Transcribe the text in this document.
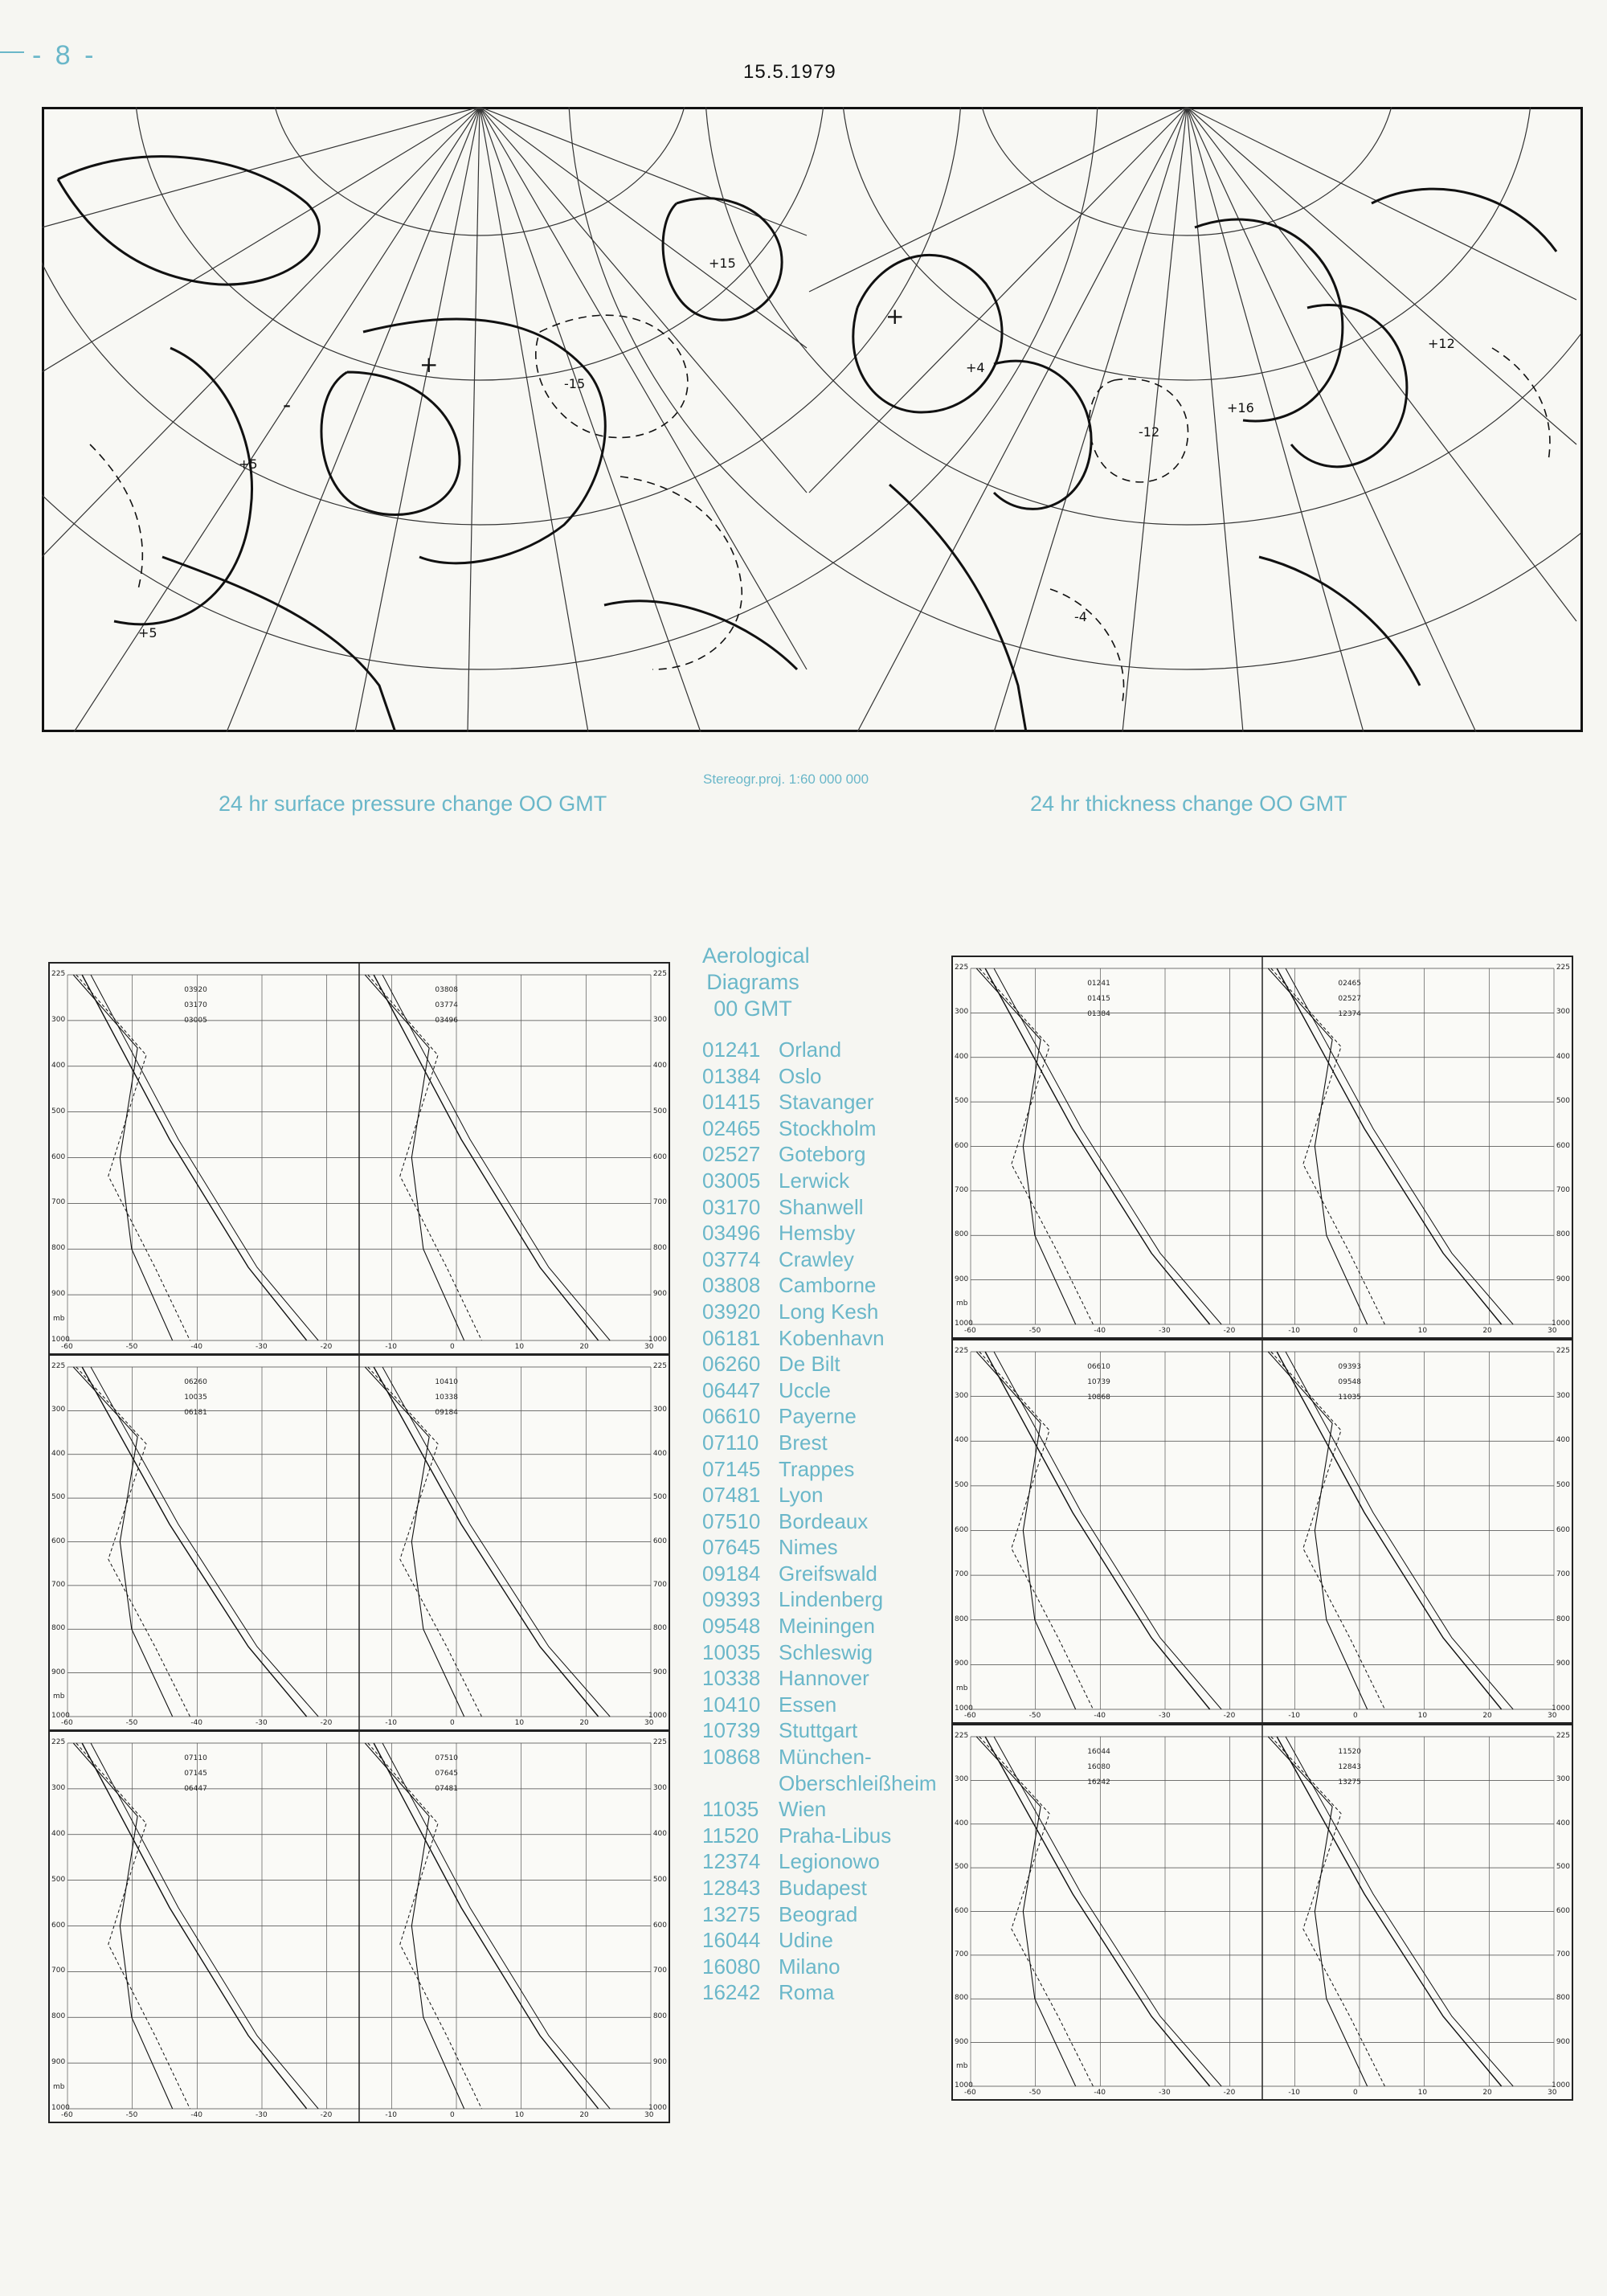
- 8 -
15.5.1979
+
+5
+15
-15
-
+5
+
+4
-12
+16
+12
-4
24 hr surface pressure change OO GMT
Stereogr.proj. 1:60 000 000
24 hr thickness change OO GMT
Aerological
Diagrams
00 GMT
01241 Orland
01384 Oslo
01415 Stavanger
02465 Stockholm
02527 Goteborg
03005 Lerwick
03170 Shanwell
03496 Hemsby
03774 Crawley
03808 Camborne
03920 Long Kesh
06181 Kobenhavn
06260 De Bilt
06447 Uccle
06610 Payerne
07110 Brest
07145 Trappes
07481 Lyon
07510 Bordeaux
07645 Nimes
09184 Greifswald
09393 Lindenberg
09548 Meiningen
10035 Schleswig
10338 Hannover
10410 Essen
10739 Stuttgart
10868 München-
Oberschleißheim
11035 Wien
11520 Praha-Libus
12374 Legionowo
12843 Budapest
13275 Beograd
16044 Udine
16080 Milano
16242 Roma
225	225
300	300
400	400
500	500
600	600
700	700
800	800
900	900
1000	1000
-60	-50	-40	-30	-20	-10	0	10	20	30
mb
03920
03170
03005
03808
03774
03496
225	225
300	300
400	400
500	500
600	600
700	700
800	800
900	900
1000	1000
-60	-50	-40	-30	-20	-10	0	10	20	30
mb
06260
10035
06181
10410
10338
09184
225	225
300	300
400	400
500	500
600	600
700	700
800	800
900	900
1000	1000
-60	-50	-40	-30	-20	-10	0	10	20	30
mb
07110
07145
06447
07510
07645
07481
225	225
300	300
400	400
500	500
600	600
700	700
800	800
900	900
1000	1000
-60	-50	-40	-30	-20	-10	0	10	20	30
mb
01241
01415
01384
02465
02527
12374
225	225
300	300
400	400
500	500
600	600
700	700
800	800
900	900
1000	1000
-60	-50	-40	-30	-20	-10	0	10	20	30
mb
06610
10739
10868
09393
09548
11035
225	225
300	300
400	400
500	500
600	600
700	700
800	800
900	900
1000	1000
-60	-50	-40	-30	-20	-10	0	10	20	30
mb
16044
16080
16242
11520
12843
13275
